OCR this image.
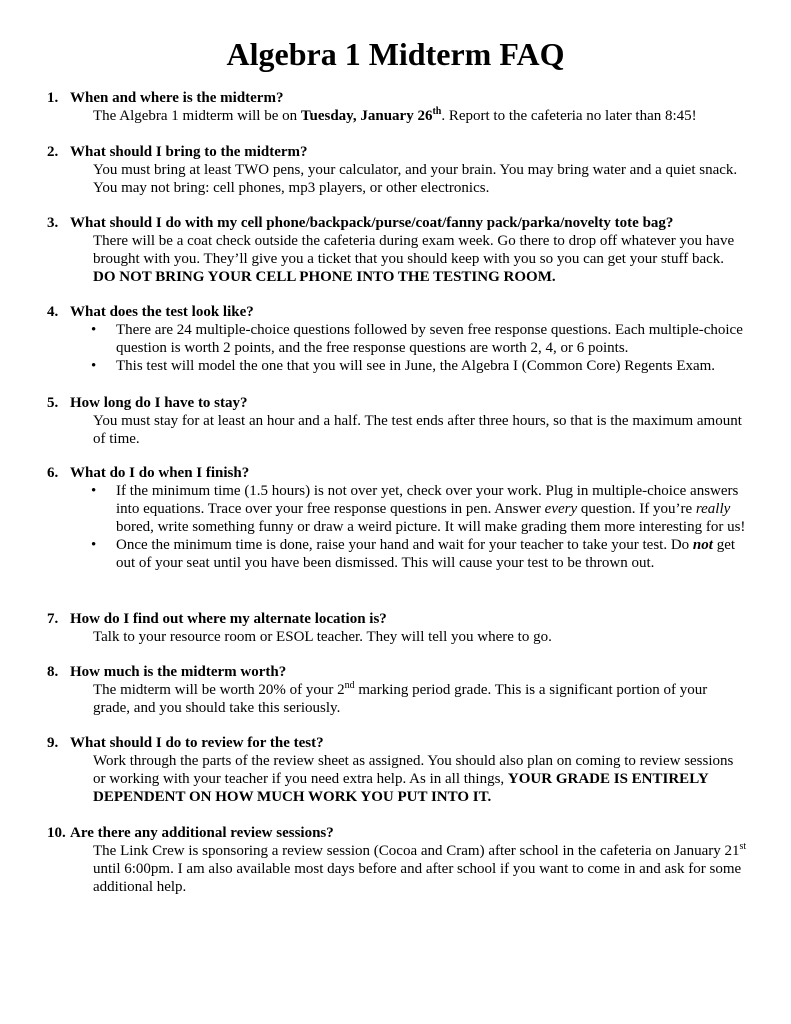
Algebra 1 Midterm FAQ
1. When and where is the midterm?
The Algebra 1 midterm will be on Tuesday, January 26th. Report to the cafeteria no later than 8:45!
2. What should I bring to the midterm?
You must bring at least TWO pens, your calculator, and your brain. You may bring water and a quiet snack. You may not bring: cell phones, mp3 players, or other electronics.
3. What should I do with my cell phone/backpack/purse/coat/fanny pack/parka/novelty tote bag?
There will be a coat check outside the cafeteria during exam week. Go there to drop off whatever you have brought with you. They’ll give you a ticket that you should keep with you so you can get your stuff back. DO NOT BRING YOUR CELL PHONE INTO THE TESTING ROOM.
4. What does the test look like?
• There are 24 multiple-choice questions followed by seven free response questions. Each multiple-choice question is worth 2 points, and the free response questions are worth 2, 4, or 6 points.
• This test will model the one that you will see in June, the Algebra I (Common Core) Regents Exam.
5. How long do I have to stay?
You must stay for at least an hour and a half. The test ends after three hours, so that is the maximum amount of time.
6. What do I do when I finish?
• If the minimum time (1.5 hours) is not over yet, check over your work. Plug in multiple-choice answers into equations. Trace over your free response questions in pen. Answer every question. If you’re really bored, write something funny or draw a weird picture. It will make grading them more interesting for us!
• Once the minimum time is done, raise your hand and wait for your teacher to take your test. Do not get out of your seat until you have been dismissed. This will cause your test to be thrown out.
7. How do I find out where my alternate location is?
Talk to your resource room or ESOL teacher. They will tell you where to go.
8. How much is the midterm worth?
The midterm will be worth 20% of your 2nd marking period grade. This is a significant portion of your grade, and you should take this seriously.
9. What should I do to review for the test?
Work through the parts of the review sheet as assigned. You should also plan on coming to review sessions or working with your teacher if you need extra help. As in all things, YOUR GRADE IS ENTIRELY DEPENDENT ON HOW MUCH WORK YOU PUT INTO IT.
10. Are there any additional review sessions?
The Link Crew is sponsoring a review session (Cocoa and Cram) after school in the cafeteria on January 21st until 6:00pm. I am also available most days before and after school if you want to come in and ask for some additional help.
